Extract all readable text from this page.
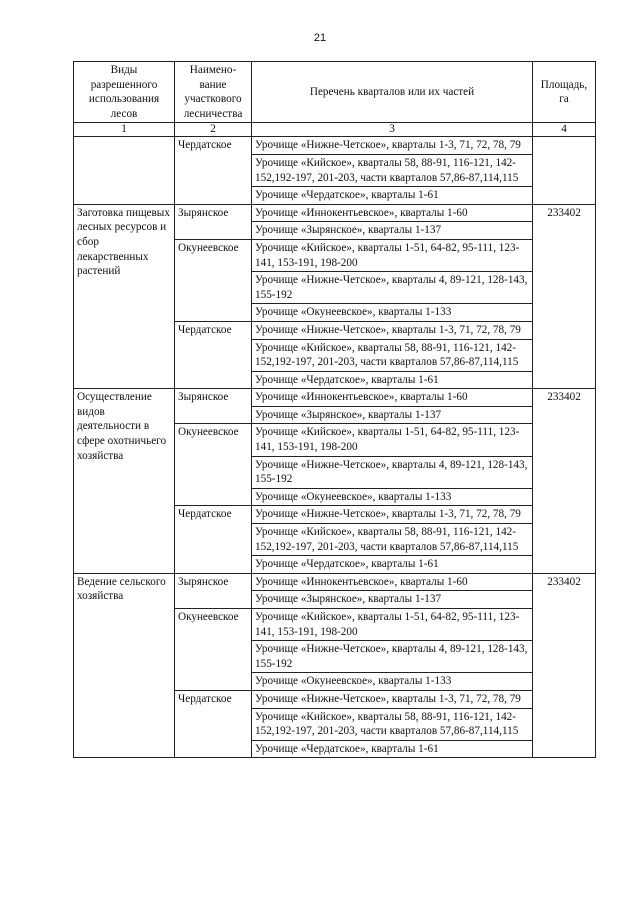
21
Виды разрешенного использования лесов	Наимено-вание участкового лесничества	Перечень кварталов или их частей	Площадь, га
1	2	3	4
	Чердатское	Урочище «Нижне-Четское», кварталы 1-3, 71, 72, 78, 79	
		Урочище «Кийское», кварталы 58, 88-91, 116-121, 142-152,192-197, 201-203, части кварталов 57,86-87,114,115	
		Урочище «Чердатское», кварталы 1-61	
Заготовка пищевых лесных ресурсов и сбор лекарственных растений	Зырянское	Урочище «Иннокентьевское», кварталы 1-60	233402
		Урочище «Зырянское», кварталы 1-137	
	Окунеевское	Урочище «Кийское», кварталы 1-51, 64-82, 95-111, 123-141, 153-191, 198-200	
		Урочище «Нижне-Четское», кварталы 4, 89-121, 128-143, 155-192	
		Урочище «Окунеевское», кварталы 1-133	
	Чердатское	Урочище «Нижне-Четское», кварталы 1-3, 71, 72, 78, 79	
		Урочище «Кийское», кварталы 58, 88-91, 116-121, 142-152,192-197, 201-203, части кварталов 57,86-87,114,115	
		Урочище «Чердатское», кварталы 1-61	
Осуществление видов деятельности в сфере охотничьего хозяйства	Зырянское	Урочище «Иннокентьевское», кварталы 1-60	233402
		Урочище «Зырянское», кварталы 1-137	
	Окунеевское	Урочище «Кийское», кварталы 1-51, 64-82, 95-111, 123-141, 153-191, 198-200	
		Урочище «Нижне-Четское», кварталы 4, 89-121, 128-143, 155-192	
		Урочище «Окунеевское», кварталы 1-133	
	Чердатское	Урочище «Нижне-Четское», кварталы 1-3, 71, 72, 78, 79	
		Урочище «Кийское», кварталы 58, 88-91, 116-121, 142-152,192-197, 201-203, части кварталов 57,86-87,114,115	
		Урочище «Чердатское», кварталы 1-61	
Ведение сельского хозяйства	Зырянское	Урочище «Иннокентьевское», кварталы 1-60	233402
		Урочище «Зырянское», кварталы 1-137	
	Окунеевское	Урочище «Кийское», кварталы 1-51, 64-82, 95-111, 123-141, 153-191, 198-200	
		Урочище «Нижне-Четское», кварталы 4, 89-121, 128-143, 155-192	
		Урочище «Окунеевское», кварталы 1-133	
	Чердатское	Урочище «Нижне-Четское», кварталы 1-3, 71, 72, 78, 79	
		Урочище «Кийское», кварталы 58, 88-91, 116-121, 142-152,192-197, 201-203, части кварталов 57,86-87,114,115	
		Урочище «Чердатское», кварталы 1-61	
